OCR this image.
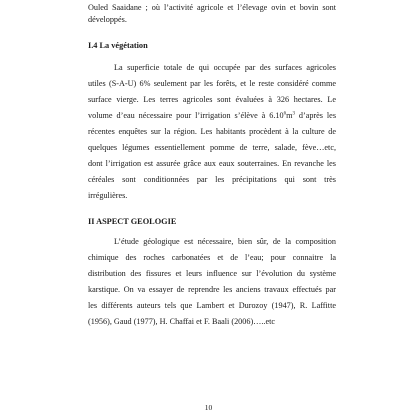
Ouled Saaidane ; où l’activité agricole et l’élevage ovin et bovin sont

développés.

I.4 La végétation

La superficie totale de qui occupée par des surfaces agricoles

utiles (S-A-U) 6% seulement par les forêts, et le reste considéré comme

surface vierge. Les terres agricoles sont évaluées à 326 hectares. Le

volume d’eau nécessaire pour l’irrigation s’élève à $6.10^6m^3$ d’après les

récentes enquêtes sur la région. Les habitants procèdent à la culture de

quelques légumes essentiellement pomme de terre, salade, fève…etc,

dont l’irrigation est assurée grâce aux eaux souterraines. En revanche les

céréales sont conditionnées par les précipitations qui sont très

irrégulières.

II ASPECT GEOLOGIE

L’étude géologique est nécessaire, bien sûr, de la composition

chimique des roches carbonatées et de l’eau; pour connaitre la

distribution des fissures et leurs influence sur l’évolution du système

karstique. On va essayer de reprendre les anciens travaux effectués par

les différents auteurs tels que Lambert et Durozoy (1947), R. Laffitte

(1956), Gaud (1977), H. Chaffai et F. Baali (2006)…..etc

10
